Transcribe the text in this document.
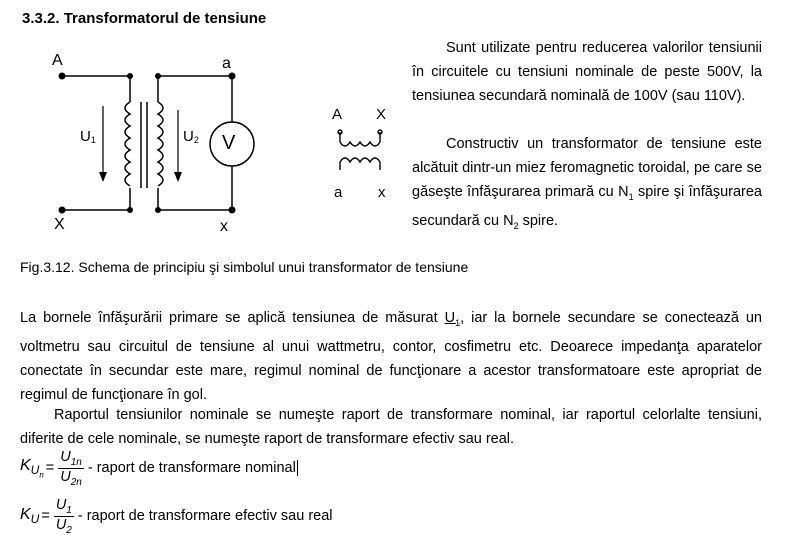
3.3.2. Transformatorul de tensiune
A
X
a
x
U1	U2 V
A X
a x
Sunt utilizate pentru reducerea valorilor tensiunii în circuitele cu tensiuni nominale de peste 500V, la tensiunea secundară nominală de 100V (sau 110V).
Constructiv un transformator de tensiune este alcătuit dintr-un miez feromagnetic toroidal, pe care se găseşte înfăşurarea primară cu $N_1$ spire şi înfăşurarea secundară cu $N_2$ spire.
Fig.3.12. Schema de principiu şi simbolul unui transformator de tensiune
La bornele înfăşurării primare se aplică tensiunea de măsurat $U_1$, iar la bornele secundare se conectează un voltmetru sau circuitul de tensiune al unui wattmetru, contor, cosfimetru etc. Deoarece impedanţa aparatelor conectate în secundar este mare, regimul nominal de funcţionare a acestor transformatoare este apropriat de regimul de funcţionare în gol.
Raportul tensiunilor nominale se numeşte raport de transformare nominal, iar raportul celorlalte tensiuni, diferite de cele nominale, se numeşte raport de transformare efectiv sau real.
$K_{U_n} = \frac{U_{1n}}{U_{2n}}$ - raport de transformare nominal
$K_U = \frac{U_1}{U_2}$ - raport de transformare efectiv sau real
